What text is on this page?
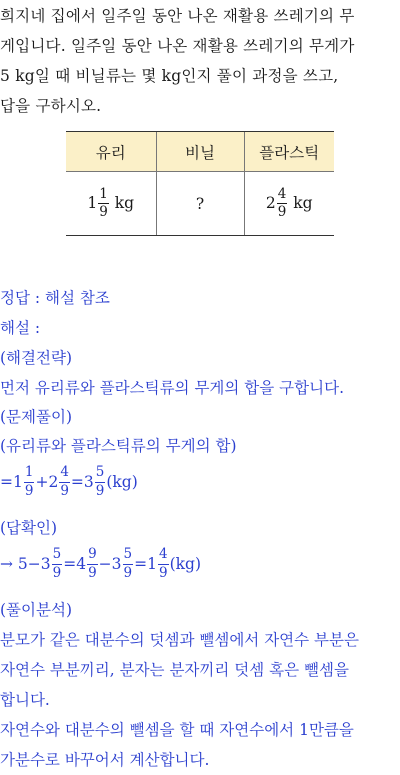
희지네 집에서 일주일 동안 나온 재활용 쓰레기의 무
게입니다. 일주일 동안 나온 재활용 쓰레기의 무게가
5 kg일 때 비닐류는 몇 kg인지 풀이 과정을 쓰고,
답을 구하시오.
유리	비닐	플라스틱
$1 \frac{1}{9}$ kg	?	$2 \frac{4}{9}$ kg
정답 : 해설 참조
해설 :
(해결전략)
먼저 유리류와 플라스틱류의 무게의 합을 구합니다.
(문제풀이)
(유리류와 플라스틱류의 무게의 합)
$=1 \frac{1}{9} +2 \frac{4}{9} =3 \frac{5}{9} (kg)$
(답확인)
→ $5-3 \frac{5}{9} =4 \frac{9}{9} -3 \frac{5}{9} =1 \frac{4}{9} (kg)$
(풀이분석)
분모가 같은 대분수의 덧셈과 뺄셈에서 자연수 부분은
자연수 부분끼리, 분자는 분자끼리 덧셈 혹은 뺄셈을
합니다.
자연수와 대분수의 뺄셈을 할 때 자연수에서 1만큼을
가분수로 바꾸어서 계산합니다.
